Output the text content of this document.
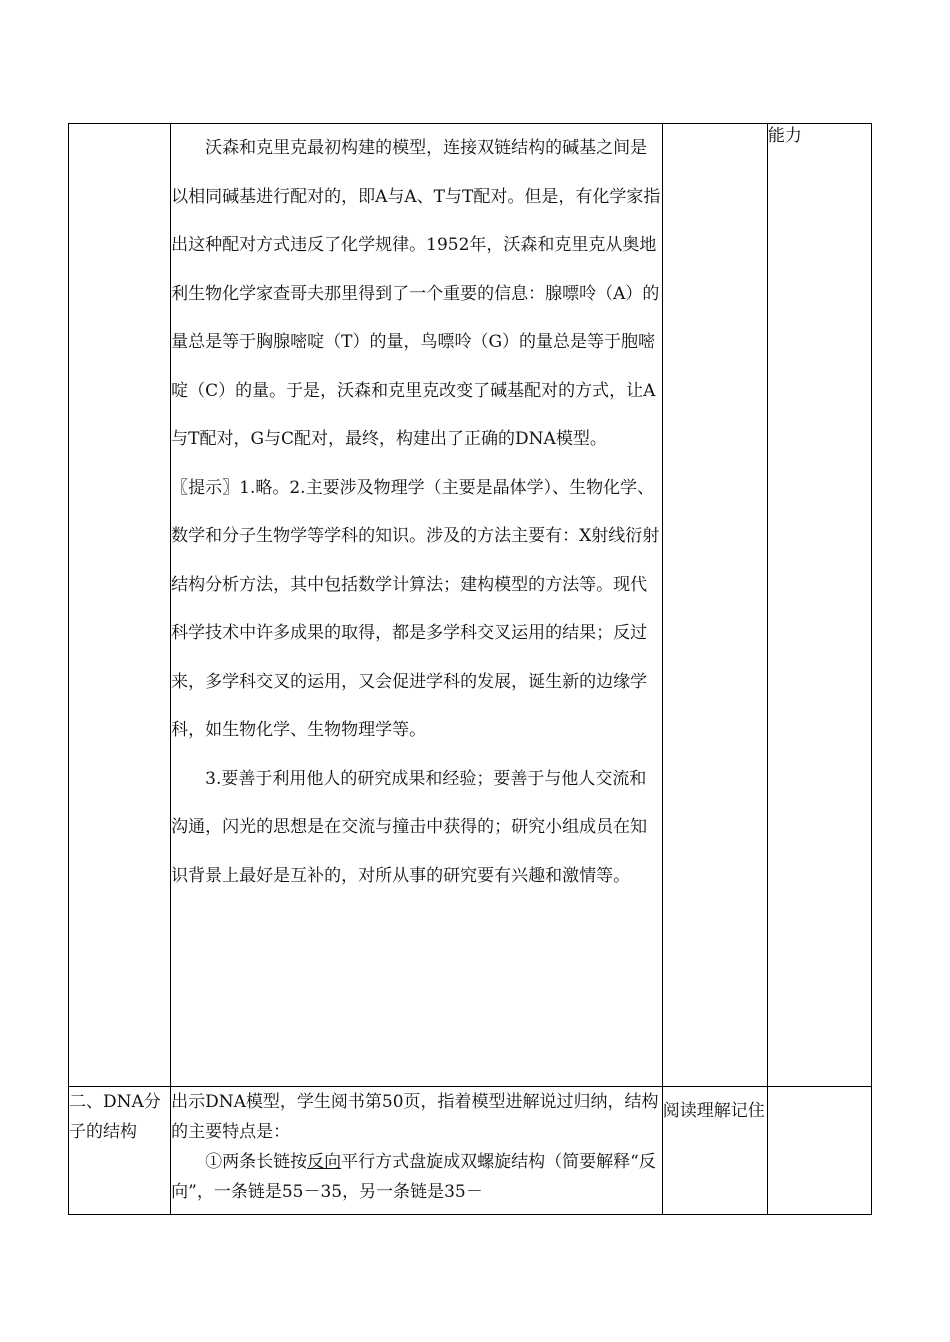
	沃森和克里克最初构建的模型，连接双链结构的碱基之间是以相同碱基进行配对的，即A与A、T与T配对。但是，有化学家指出这种配对方式违反了化学规律。1952年，沃森和克里克从奥地利生物化学家查哥夫那里得到了一个重要的信息：腺嘌呤（A）的量总是等于胸腺嘧啶（T）的量，鸟嘌呤（G）的量总是等于胞嘧啶（C）的量。于是，沃森和克里克改变了碱基配对的方式，让A与T配对，G与C配对，最终，构建出了正确的DNA模型。

〖提示〗1.略。2.主要涉及物理学（主要是晶体学）、生物化学、数学和分子生物学等学科的知识。涉及的方法主要有：X射线衍射结构分析方法，其中包括数学计算法；建构模型的方法等。现代科学技术中许多成果的取得，都是多学科交叉运用的结果；反过来，多学科交叉的运用，又会促进学科的发展，诞生新的边缘学科，如生物化学、生物物理学等。

3.要善于利用他人的研究成果和经验；要善于与他人交流和沟通，闪光的思想是在交流与撞击中获得的；研究小组成员在知识背景上最好是互补的，对所从事的研究要有兴趣和激情等。		能力
二、DNA分子的结构	出示DNA模型，学生阅书第50页，指着模型进解说过归纳，结构的主要特点是：

①两条长链按反向平行方式盘旋成双螺旋结构（简要解释“反向”，一条链是55－35，另一条链是35－	阅读理解记住	
